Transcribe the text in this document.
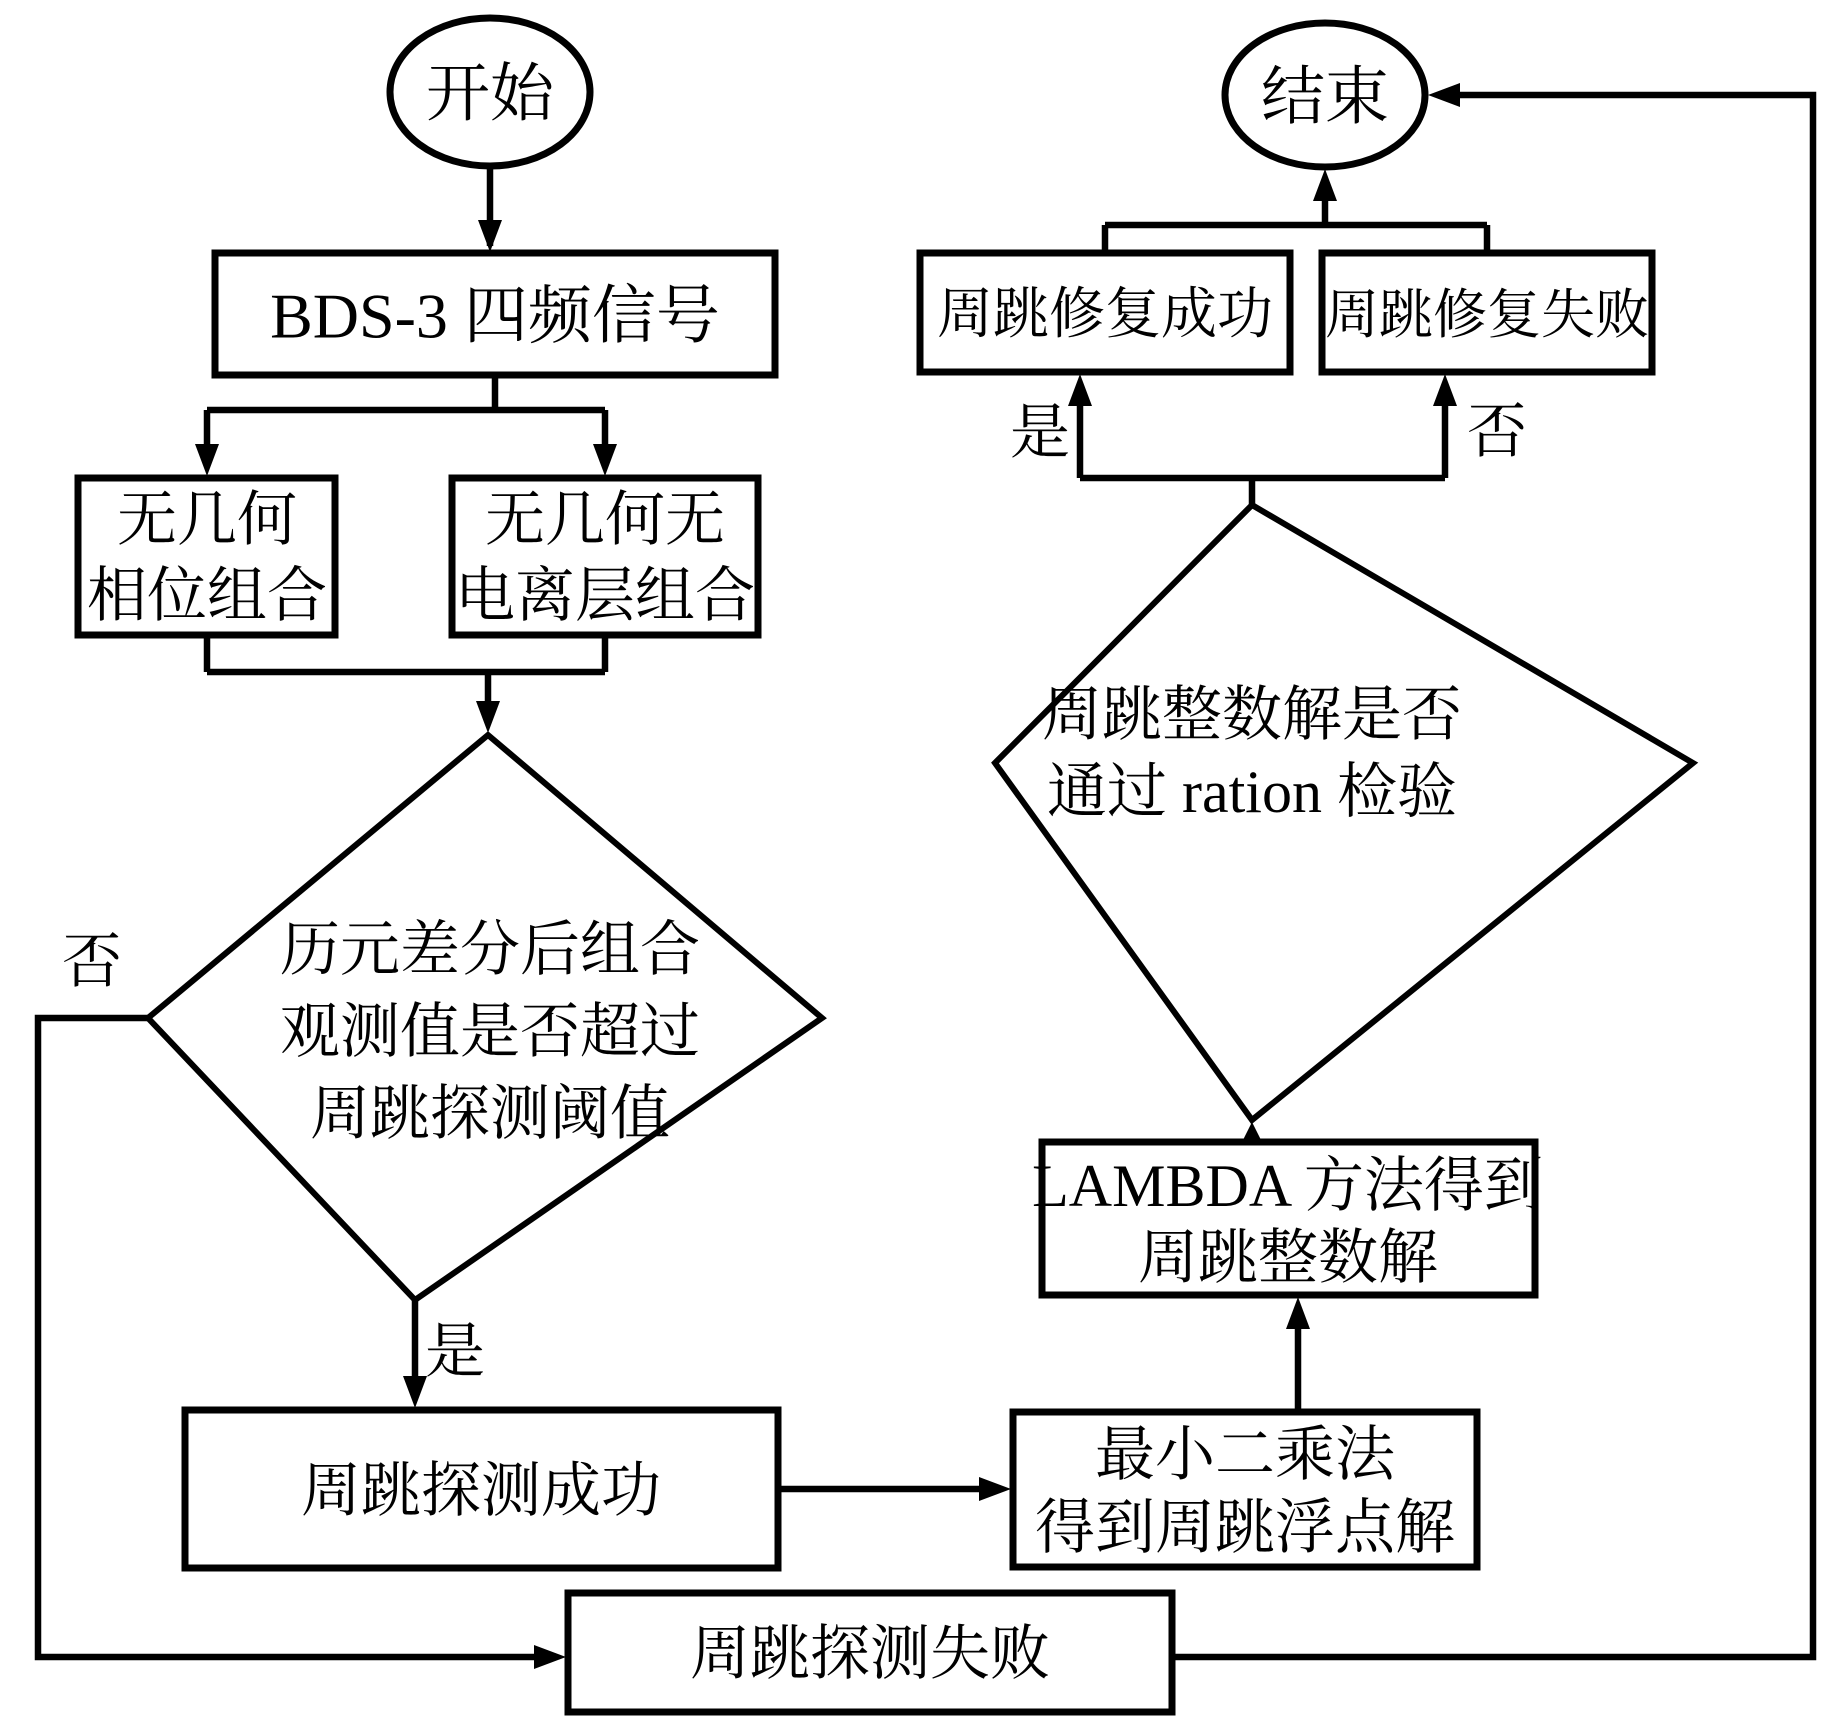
开始	结束
BDS-3 四频信号
无几何
相位组合
无几何无
电离层组合
周跳探测成功
周跳探测失败
最小二乘法
得到周跳浮点解
LAMBDA 方法得到
周跳整数解
周跳修复成功 周跳修复失败
历元差分后组合
观测值是否超过
周跳探测阈值
周跳整数解是否
通过 ration 检验
否
是
是	否
